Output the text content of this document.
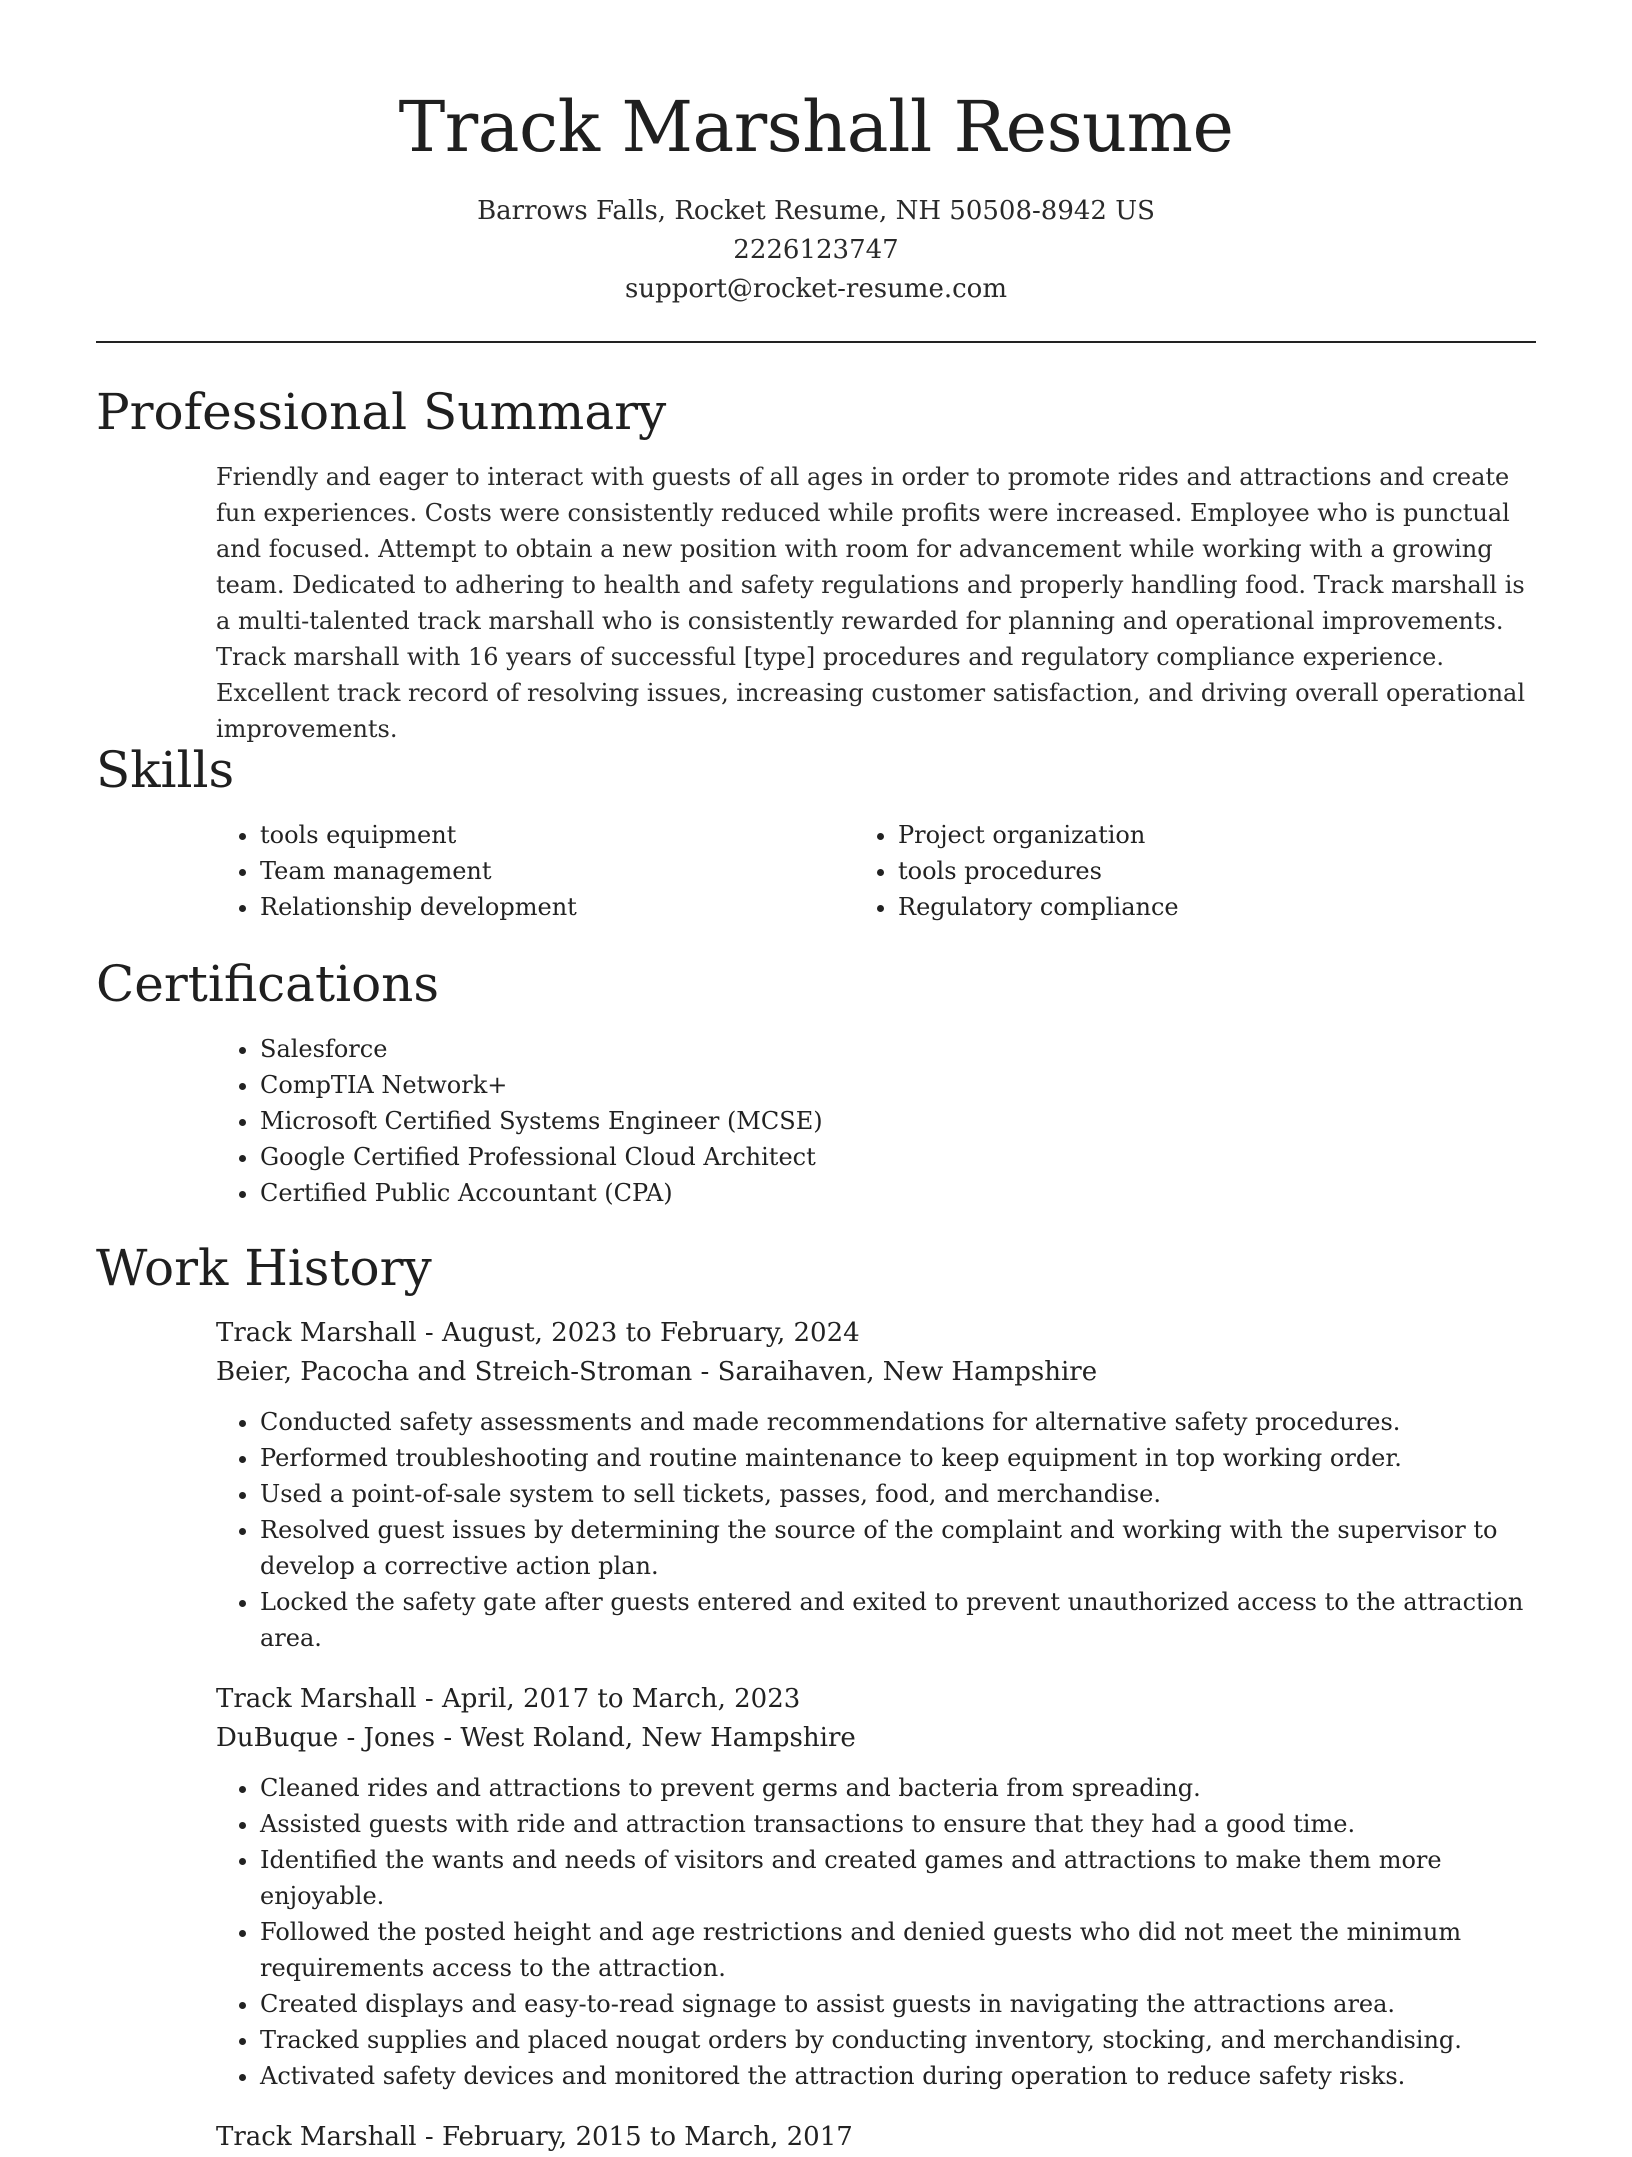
Track Marshall Resume
Barrows Falls, Rocket Resume, NH 50508-8942 US
2226123747
support@rocket-resume.com
Professional Summary
Friendly and eager to interact with guests of all ages in order to promote rides and attractions and create fun experiences. Costs were consistently reduced while profits were increased. Employee who is punctual and focused. Attempt to obtain a new position with room for advancement while working with a growing team. Dedicated to adhering to health and safety regulations and properly handling food. Track marshall is a multi-talented track marshall who is consistently rewarded for planning and operational improvements. Track marshall with 16 years of successful [type] procedures and regulatory compliance experience. Excellent track record of resolving issues, increasing customer satisfaction, and driving overall operational improvements.
Skills
• tools equipment
• Team management
• Relationship development
• Project organization
• tools procedures
• Regulatory compliance
Certifications
• Salesforce
• CompTIA Network+
• Microsoft Certified Systems Engineer (MCSE)
• Google Certified Professional Cloud Architect
• Certified Public Accountant (CPA)
Work History
Track Marshall - August, 2023 to February, 2024
Beier, Pacocha and Streich-Stroman - Saraihaven, New Hampshire
• Conducted safety assessments and made recommendations for alternative safety procedures.
• Performed troubleshooting and routine maintenance to keep equipment in top working order.
• Used a point-of-sale system to sell tickets, passes, food, and merchandise.
• Resolved guest issues by determining the source of the complaint and working with the supervisor to develop a corrective action plan.
• Locked the safety gate after guests entered and exited to prevent unauthorized access to the attraction area.
Track Marshall - April, 2017 to March, 2023
DuBuque - Jones - West Roland, New Hampshire
• Cleaned rides and attractions to prevent germs and bacteria from spreading.
• Assisted guests with ride and attraction transactions to ensure that they had a good time.
• Identified the wants and needs of visitors and created games and attractions to make them more enjoyable.
• Followed the posted height and age restrictions and denied guests who did not meet the minimum requirements access to the attraction.
• Created displays and easy-to-read signage to assist guests in navigating the attractions area.
• Tracked supplies and placed nougat orders by conducting inventory, stocking, and merchandising.
• Activated safety devices and monitored the attraction during operation to reduce safety risks.
Track Marshall - February, 2015 to March, 2017
